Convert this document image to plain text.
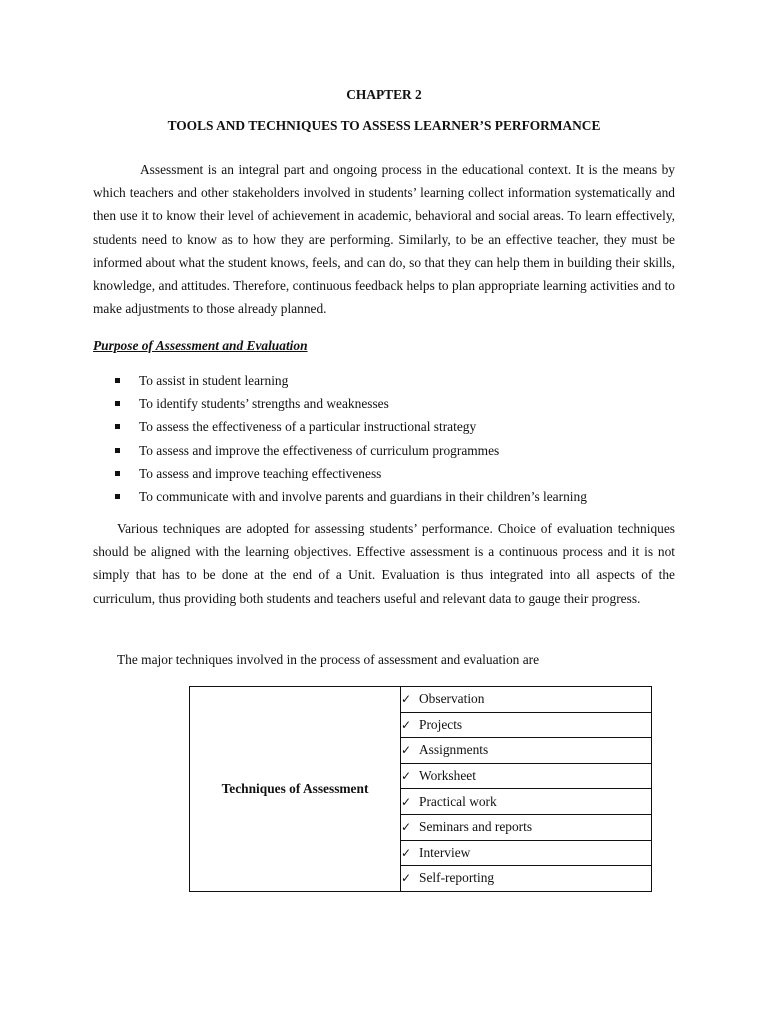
CHAPTER 2
TOOLS AND TECHNIQUES TO ASSESS LEARNER’S PERFORMANCE

Assessment is an integral part and ongoing process in the educational context. It is the means by which teachers and other stakeholders involved in students’ learning collect information systematically and then use it to know their level of achievement in academic, behavioral and social areas. To learn effectively, students need to know as to how they are performing. Similarly, to be an effective teacher, they must be informed about what the student knows, feels, and can do, so that they can help them in building their skills, knowledge, and attitudes. Therefore, continuous feedback helps to plan appropriate learning activities and to make adjustments to those already planned.

Purpose of Assessment and Evaluation
To assist in student learning
To identify students’ strengths and weaknesses
To assess the effectiveness of a particular instructional strategy
To assess and improve the effectiveness of curriculum programmes
To assess and improve teaching effectiveness
To communicate with and involve parents and guardians in their children’s learning

Various techniques are adopted for assessing students’ performance. Choice of evaluation techniques should be aligned with the learning objectives. Effective assessment is a continuous process and it is not simply that has to be done at the end of a Unit. Evaluation is thus integrated into all aspects of the curriculum, thus providing both students and teachers useful and relevant data to gauge their progress.

The major techniques involved in the process of assessment and evaluation are

Techniques of Assessment	✓ Observation
✓ Projects
✓ Assignments
✓ Worksheet
✓ Practical work
✓ Seminars and reports
✓ Interview
✓ Self-reporting
